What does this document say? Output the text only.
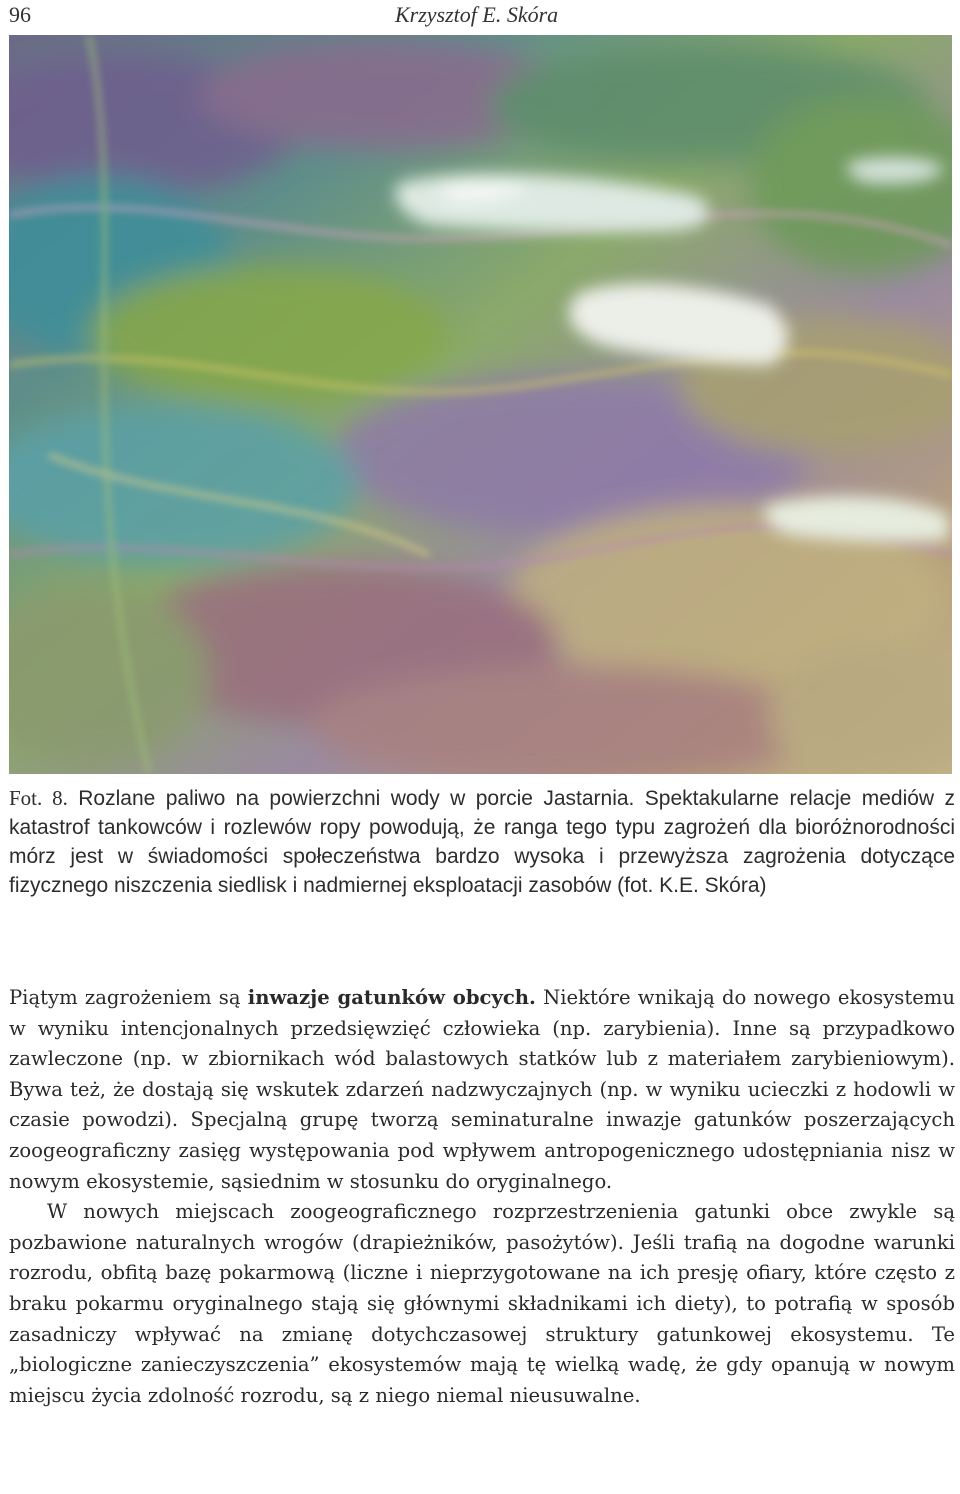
96	Krzysztof E. Skóra
Fot. 8. Rozlane paliwo na powierzchni wody w porcie Jastarnia. Spektakularne relacje mediów z katastrof tankowców i rozlewów ropy powodują, że ranga tego typu zagrożeń dla bioróżnorodności mórz jest w świadomości społeczeństwa bardzo wysoka i przewyższa zagrożenia dotyczące fizycznego niszczenia siedlisk i nadmiernej eksploatacji zasobów (fot. K.E. Skóra)

Piątym zagrożeniem są inwazje gatunków obcych. Niektóre wnikają do nowego ekosystemu w wyniku intencjonalnych przedsięwzięć człowieka (np. zarybienia). Inne są przypadkowo zawleczone (np. w zbiornikach wód balastowych statków lub z materiałem zarybieniowym). Bywa też, że dostają się wskutek zdarzeń nadzwyczajnych (np. w wyniku ucieczki z hodowli w czasie powodzi). Specjalną grupę tworzą seminaturalne inwazje gatunków poszerzających zoogeograficzny zasięg występowania pod wpływem antropogenicznego udostępniania nisz w nowym ekosystemie, sąsiednim w stosunku do oryginalnego.

W nowych miejscach zoogeograficznego rozprzestrzenienia gatunki obce zwykle są pozbawione naturalnych wrogów (drapieżników, pasożytów). Jeśli trafią na dogodne warunki rozrodu, obfitą bazę pokarmową (liczne i nieprzygotowane na ich presję ofiary, które często z braku pokarmu oryginalnego stają się głównymi składnikami ich diety), to potrafią w sposób zasadniczy wpływać na zmianę dotychczasowej struktury gatunkowej ekosystemu. Te „biologiczne zanieczyszczenia” ekosystemów mają tę wielką wadę, że gdy opanują w nowym miejscu życia zdolność rozrodu, są z niego niemal nieusuwalne.
